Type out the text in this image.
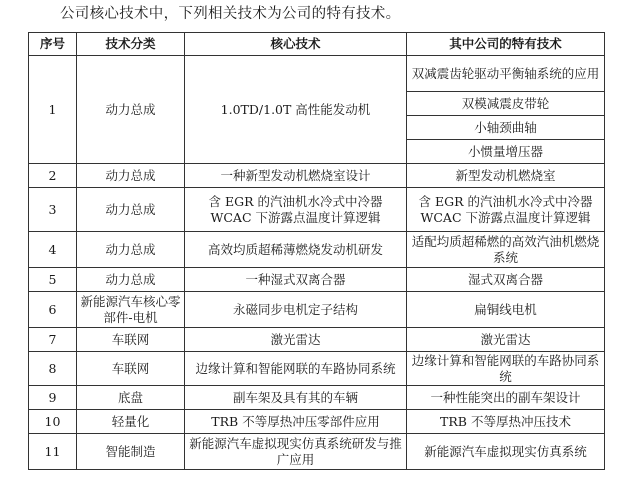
公司核心技术中，下列相关技术为公司的特有技术。
序号	技术分类	核心技术	其中公司的特有技术
1	动力总成	1.0TD/1.0T 高性能发动机	双减震齿轮驱动平衡轴系统的应用
			双模减震皮带轮
			小轴颈曲轴
			小惯量增压器
2	动力总成	一种新型发动机燃烧室设计	新型发动机燃烧室
3	动力总成	含 EGR 的汽油机水冷式中冷器 WCAC 下游露点温度计算逻辑	含 EGR 的汽油机水冷式中冷器 WCAC 下游露点温度计算逻辑
4	动力总成	高效均质超稀薄燃烧发动机研发	适配均质超稀燃的高效汽油机燃烧系统
5	动力总成	一种湿式双离合器	湿式双离合器
6	新能源汽车核心零部件-电机	永磁同步电机定子结构	扁铜线电机
7	车联网	激光雷达	激光雷达
8	车联网	边缘计算和智能网联的车路协同系统	边缘计算和智能网联的车路协同系统
9	底盘	副车架及具有其的车辆	一种性能突出的副车架设计
10	轻量化	TRB 不等厚热冲压零部件应用	TRB 不等厚热冲压技术
11	智能制造	新能源汽车虚拟现实仿真系统研发与推广应用	新能源汽车虚拟现实仿真系统
